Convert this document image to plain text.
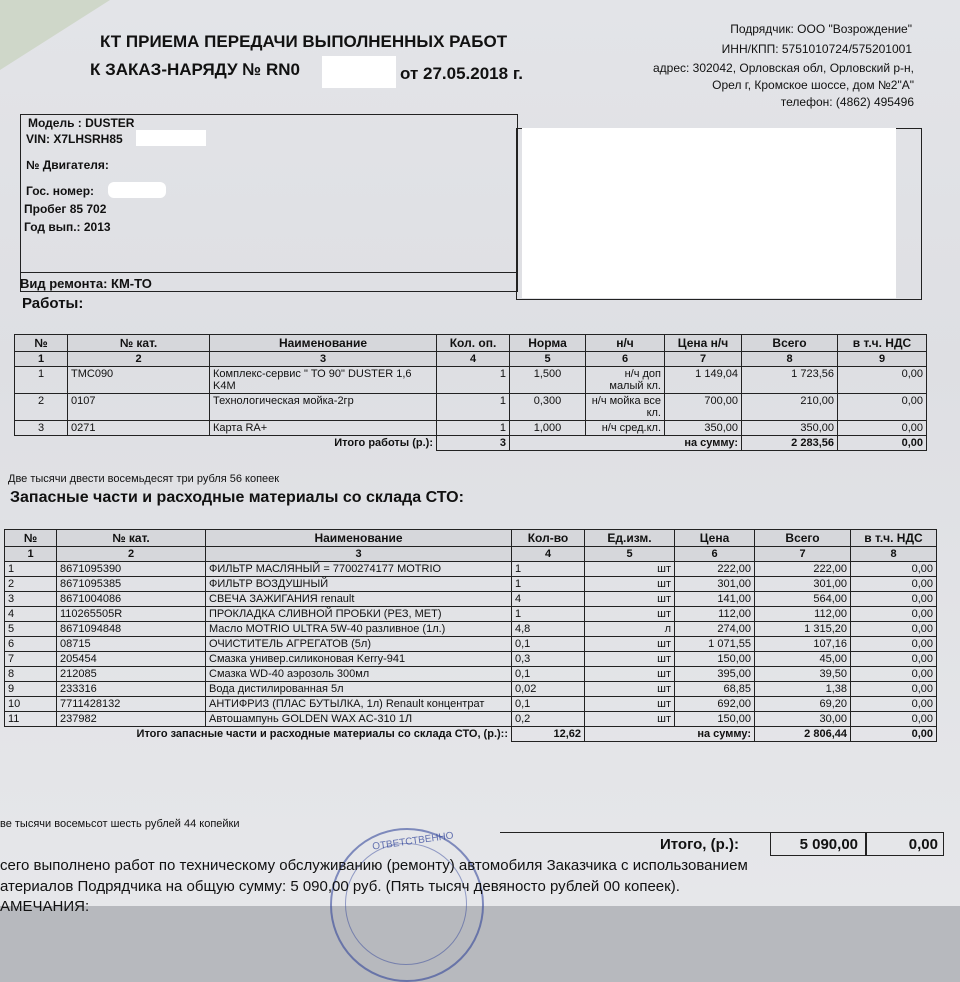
КТ ПРИЕМА ПЕРЕДАЧИ ВЫПОЛНЕННЫХ РАБОТ
К ЗАКАЗ-НАРЯДУ № RN0	от 27.05.2018 г.
Подрядчик: ООО "Возрождение"
ИНН/КПП: 5751010724/575201001
адрес: 302042, Орловская обл, Орловский р-н,
Орел г, Кромское шоссе, дом №2"А"
телефон: (4862) 495496
Модель : DUSTER
VIN: X7LHSRH85
№ Двигателя:
Гос. номер:
Пробег 85 702
Год вып.: 2013
Вид ремонта: КМ-ТО
Работы:
№	№ кат.	Наименование	Кол. оп.	Норма	н/ч	Цена н/ч	Всего	в т.ч. НДС
1	2	3	4	5	6	7	8	9
1	TMC090	Комплекс-сервис " ТО 90" DUSTER 1,6 K4M	1	1,500	н/ч доп малый кл.	1 149,04	1 723,56	0,00
2	0107	Технологическая мойка-2гр	1	0,300	н/ч мойка все кл.	700,00	210,00	0,00
3	0271	Карта RA+	1	1,000	н/ч сред.кл.	350,00	350,00	0,00
Итого работы (р.):			3	на сумму:			2 283,56	0,00
Две тысячи двести восемьдесят три рубля 56 копеек
Запасные части и расходные материалы со склада СТО:
№	№ кат.	Наименование	Кол-во	Ед.изм.	Цена	Всего	в т.ч. НДС
1	2	3	4	5	6	7	8
1	8671095390	ФИЛЬТР МАСЛЯНЫЙ = 7700274177 MOTRIO	1	шт	222,00	222,00	0,00
2	8671095385	ФИЛЬТР ВОЗДУШНЫЙ	1	шт	301,00	301,00	0,00
3	8671004086	СВЕЧА ЗАЖИГАНИЯ renault	4	шт	141,00	564,00	0,00
4	110265505R	ПРОКЛАДКА СЛИВНОЙ ПРОБКИ (РЕЗ, МЕТ)	1	шт	112,00	112,00	0,00
5	8671094848	Масло MOTRIO ULTRA 5W-40 разливное (1л.)	4,8	л	274,00	1 315,20	0,00
6	08715	ОЧИСТИТЕЛЬ АГРЕГАТОВ (5л)	0,1	шт	1 071,55	107,16	0,00
7	205454	Смазка универ.силиконовая Kerry-941	0,3	шт	150,00	45,00	0,00
8	212085	Смазка WD-40 аэрозоль 300мл	0,1	шт	395,00	39,50	0,00
9	233316	Вода дистилированная 5л	0,02	шт	68,85	1,38	0,00
10	7711428132	АНТИФРИЗ (ПЛАС БУТЫЛКА, 1л) Renault концентрат	0,1	шт	692,00	69,20	0,00
11	237982	Автошампунь GOLDEN WAX AC-310 1Л	0,2	шт	150,00	30,00	0,00
Итого запасные части и расходные материалы со склада СТО, (р.)::			12,62	на сумму:		2 806,44	0,00
ве тысячи восемьсот шесть рублей 44 копейки
Итого, (р.):	5 090,00	0,00
ОТВЕТСТВЕННО
сего выполнено работ по техническому обслуживанию (ремонту) автомобиля Заказчика с использованием
атериалов Подрядчика на общую сумму: 5 090,00 руб. (Пять тысяч девяносто рублей 00 копеек).
АМЕЧАНИЯ:
